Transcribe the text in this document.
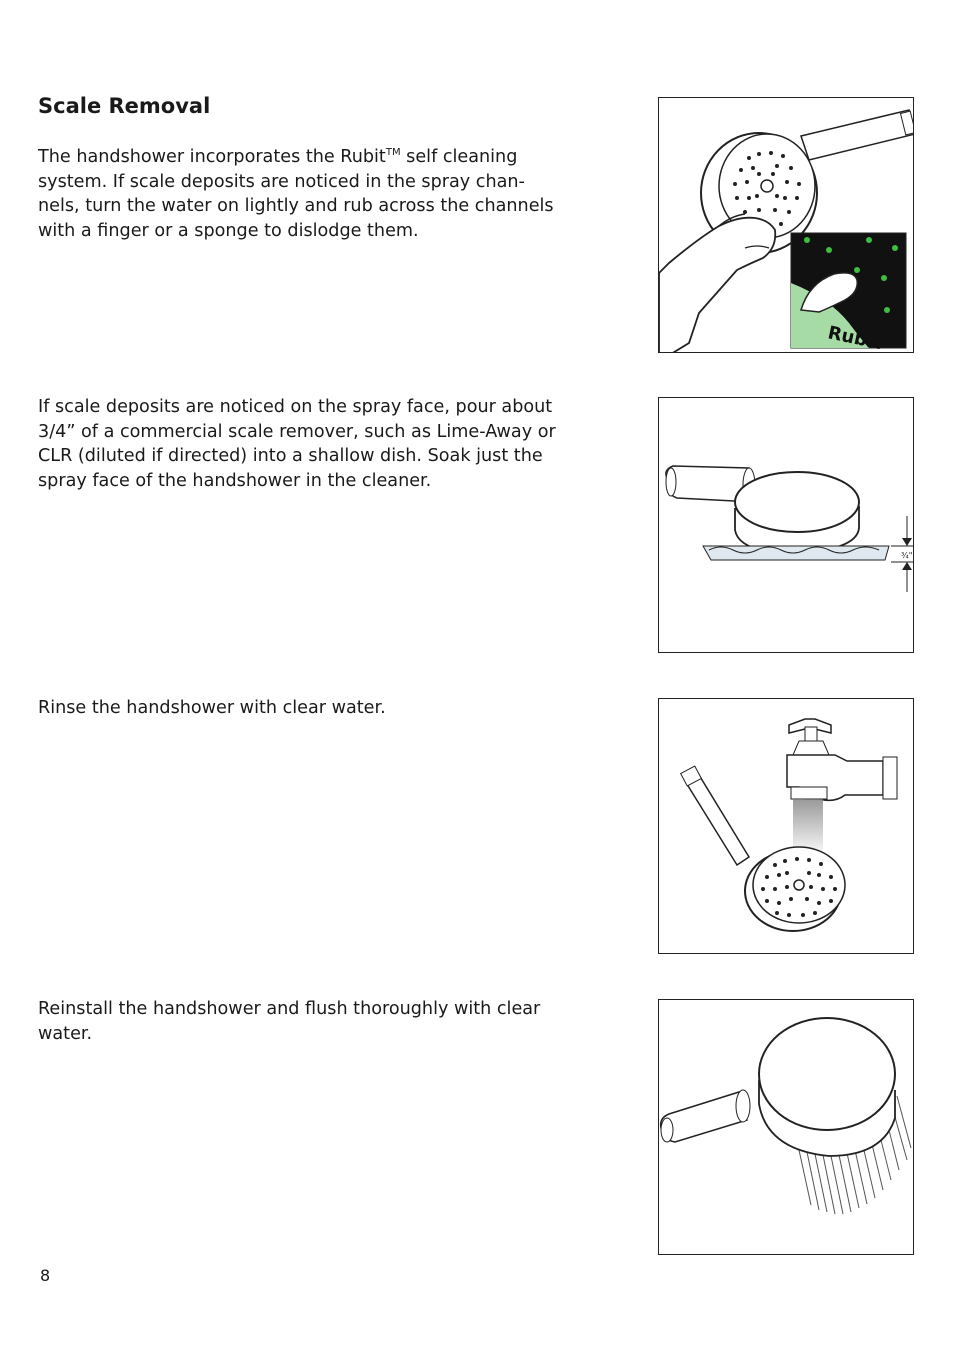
Scale Removal

The handshower incorporates the Rubit™ self cleaning system. If scale deposits are noticed in the spray chan-nels, turn the water on lightly and rub across the channels with a finger or a sponge to dislodge them.

Rubit ®

If scale deposits are noticed on the spray face, pour about 3/4” of a commercial scale remover, such as Lime-Away or CLR (diluted if directed) into a shallow dish. Soak just the spray face of the handshower in the cleaner.

¾"

Rinse the handshower with clear water.

Reinstall the handshower and flush thoroughly with clear water.

8
